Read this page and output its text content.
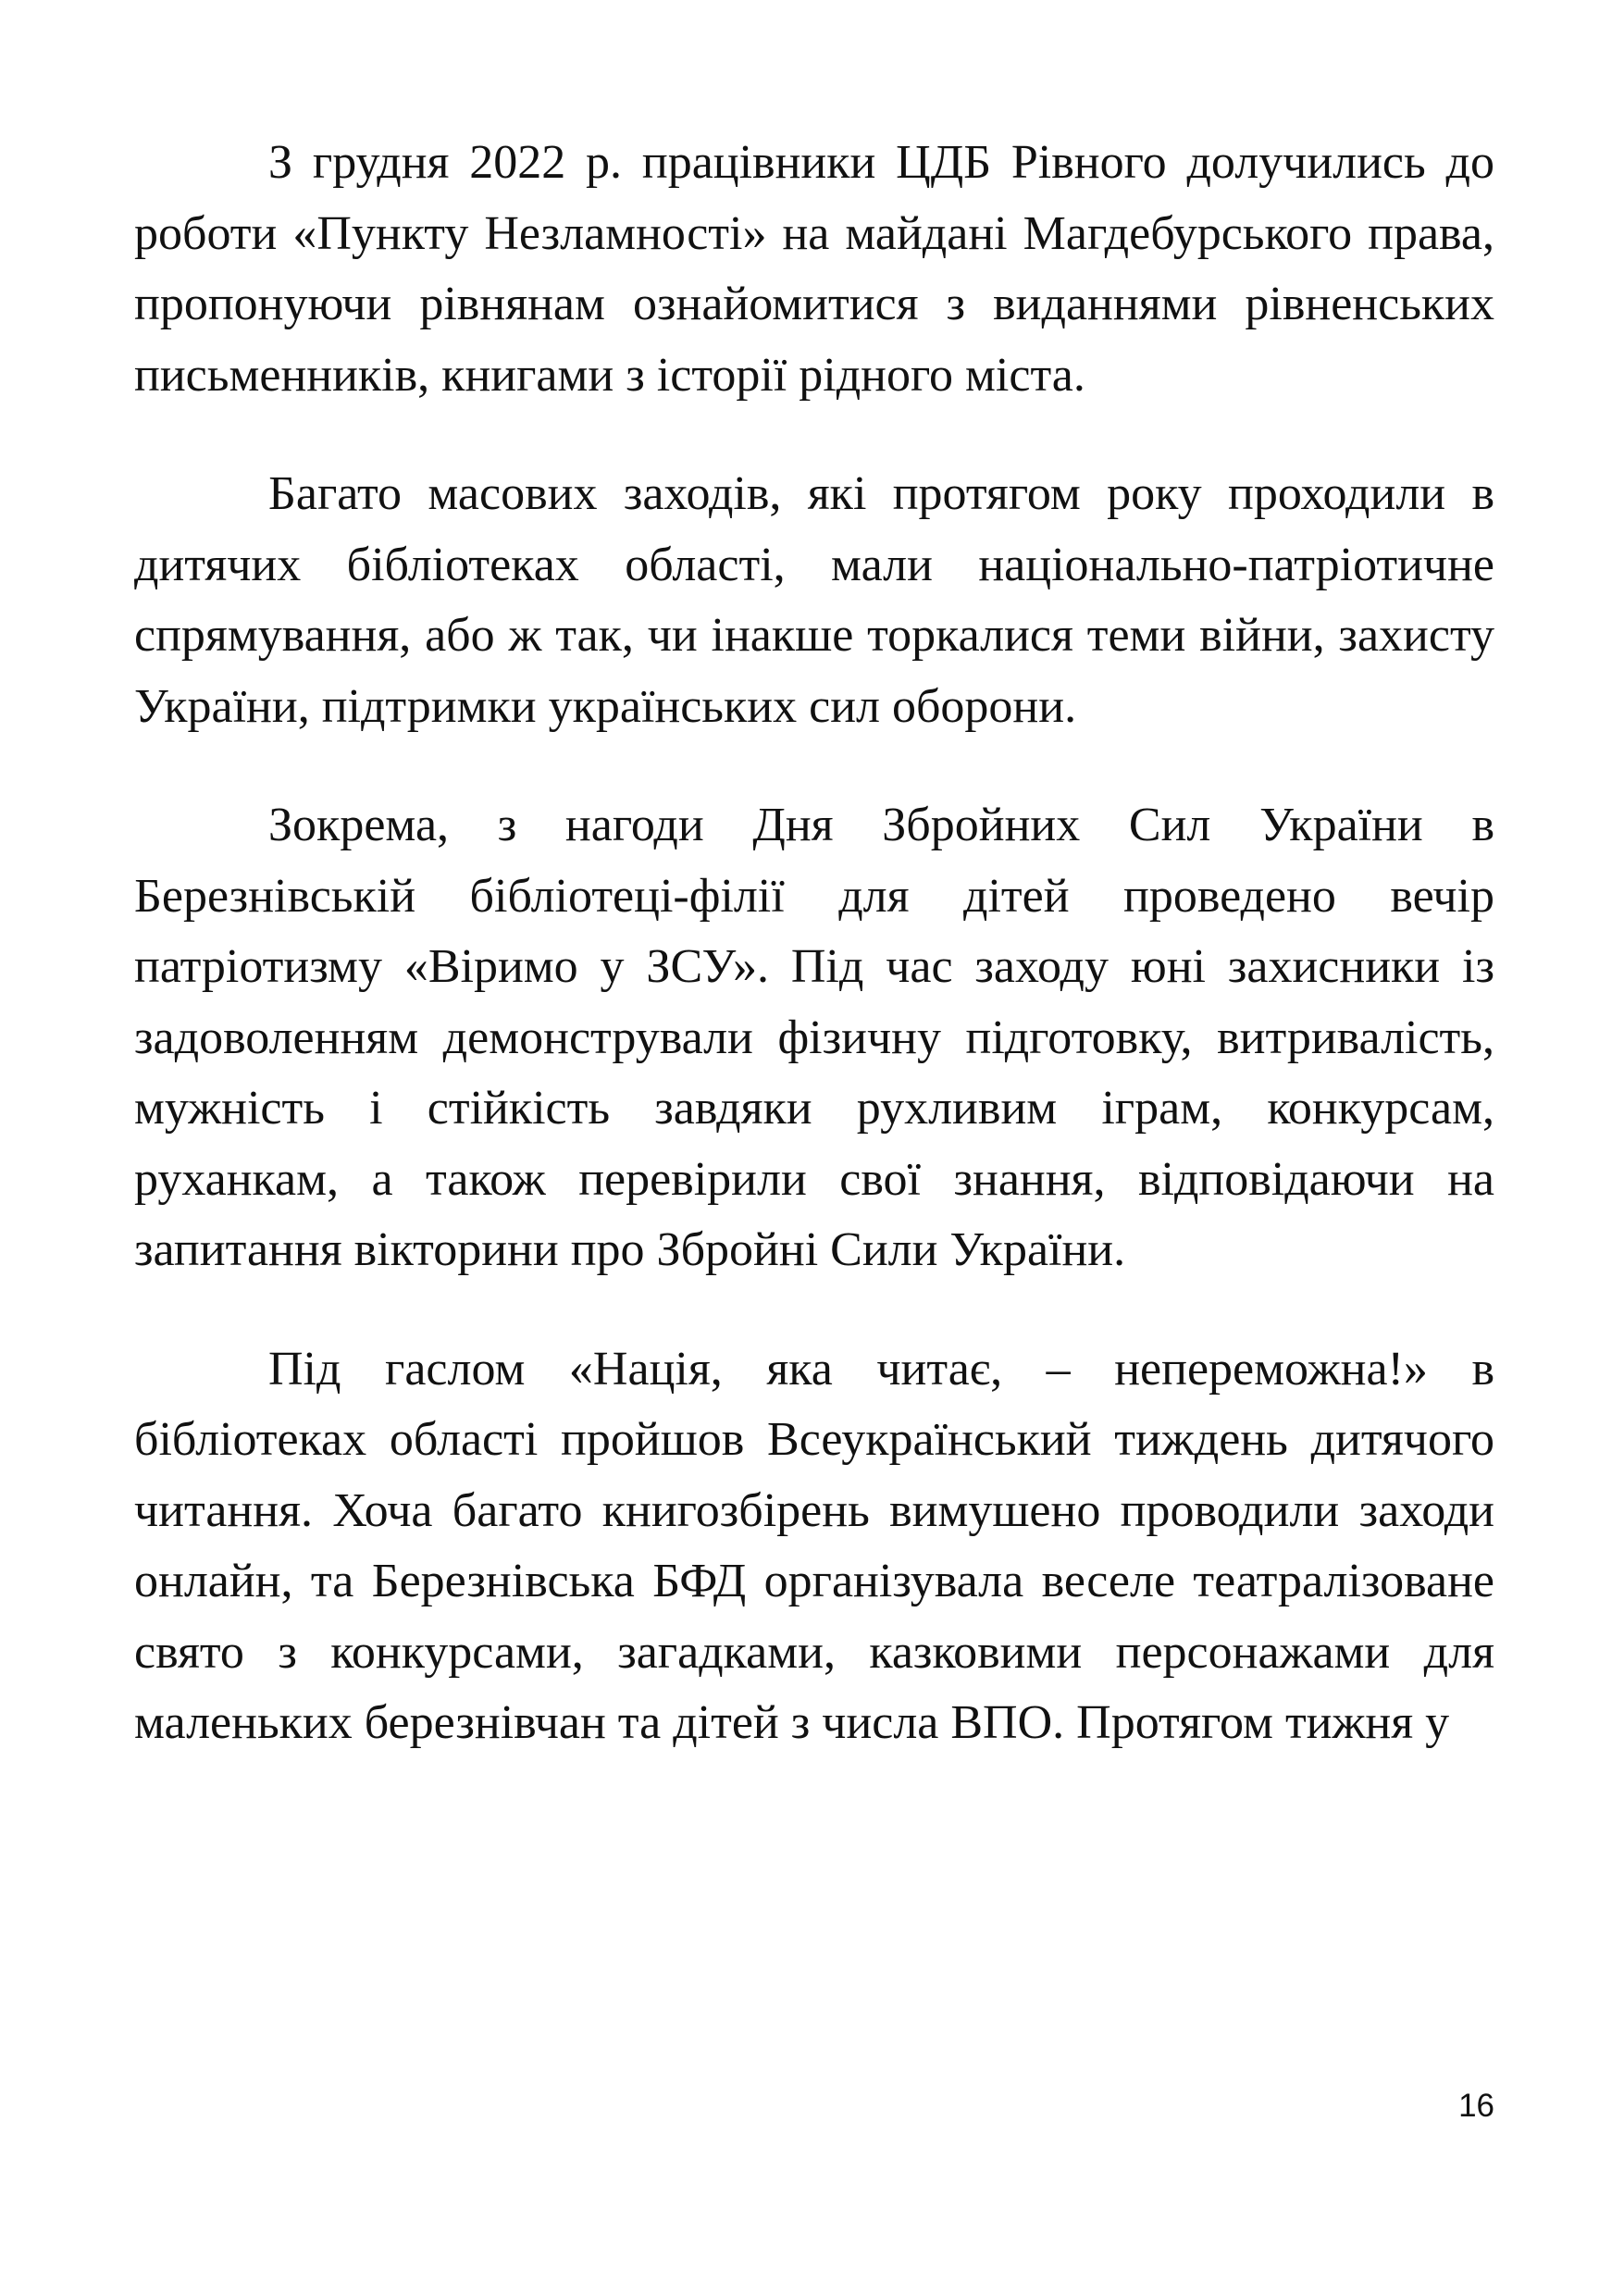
З грудня 2022 р. працівники ЦДБ Рівного долучились до роботи «Пункту Незламності» на майдані Магдебурського права, пропонуючи рівнянам ознайомитися з виданнями рівненських письменників, книгами з історії рідного міста.

Багато масових заходів, які протягом року проходили в дитячих бібліотеках області, мали національно-патріотичне спрямування, або ж так, чи інакше торкалися теми війни, захисту України, підтримки українських сил оборони.

Зокрема, з нагоди Дня Збройних Сил України в Березнівській бібліотеці-філії для дітей проведено вечір патріотизму «Віримо у ЗСУ». Під час заходу юні захисники із задоволенням демонстрували фізичну підготовку, витривалість, мужність і стійкість завдяки рухливим іграм, конкурсам, руханкам, а також перевірили свої знання, відповідаючи на запитання вікторини про Збройні Сили України.

Під гаслом «Нація, яка читає, – непереможна!» в бібліотеках області пройшов Всеукраїнський тиждень дитячого читання. Хоча багато книгозбірень вимушено проводили заходи онлайн, та Березнівська БФД організувала веселе театралізоване свято з конкурсами, загадками, казковими персонажами для маленьких березнівчан та дітей з числа ВПО. Протягом тижня у

16
